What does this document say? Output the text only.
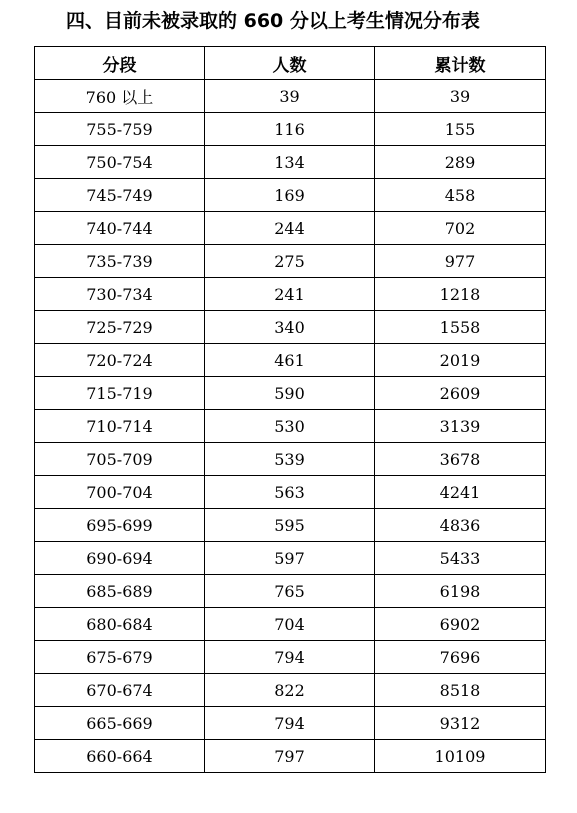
四、目前未被录取的 660 分以上考生情况分布表
分段	人数	累计数
760 以上	39	39
755-759	116	155
750-754	134	289
745-749	169	458
740-744	244	702
735-739	275	977
730-734	241	1218
725-729	340	1558
720-724	461	2019
715-719	590	2609
710-714	530	3139
705-709	539	3678
700-704	563	4241
695-699	595	4836
690-694	597	5433
685-689	765	6198
680-684	704	6902
675-679	794	7696
670-674	822	8518
665-669	794	9312
660-664	797	10109
